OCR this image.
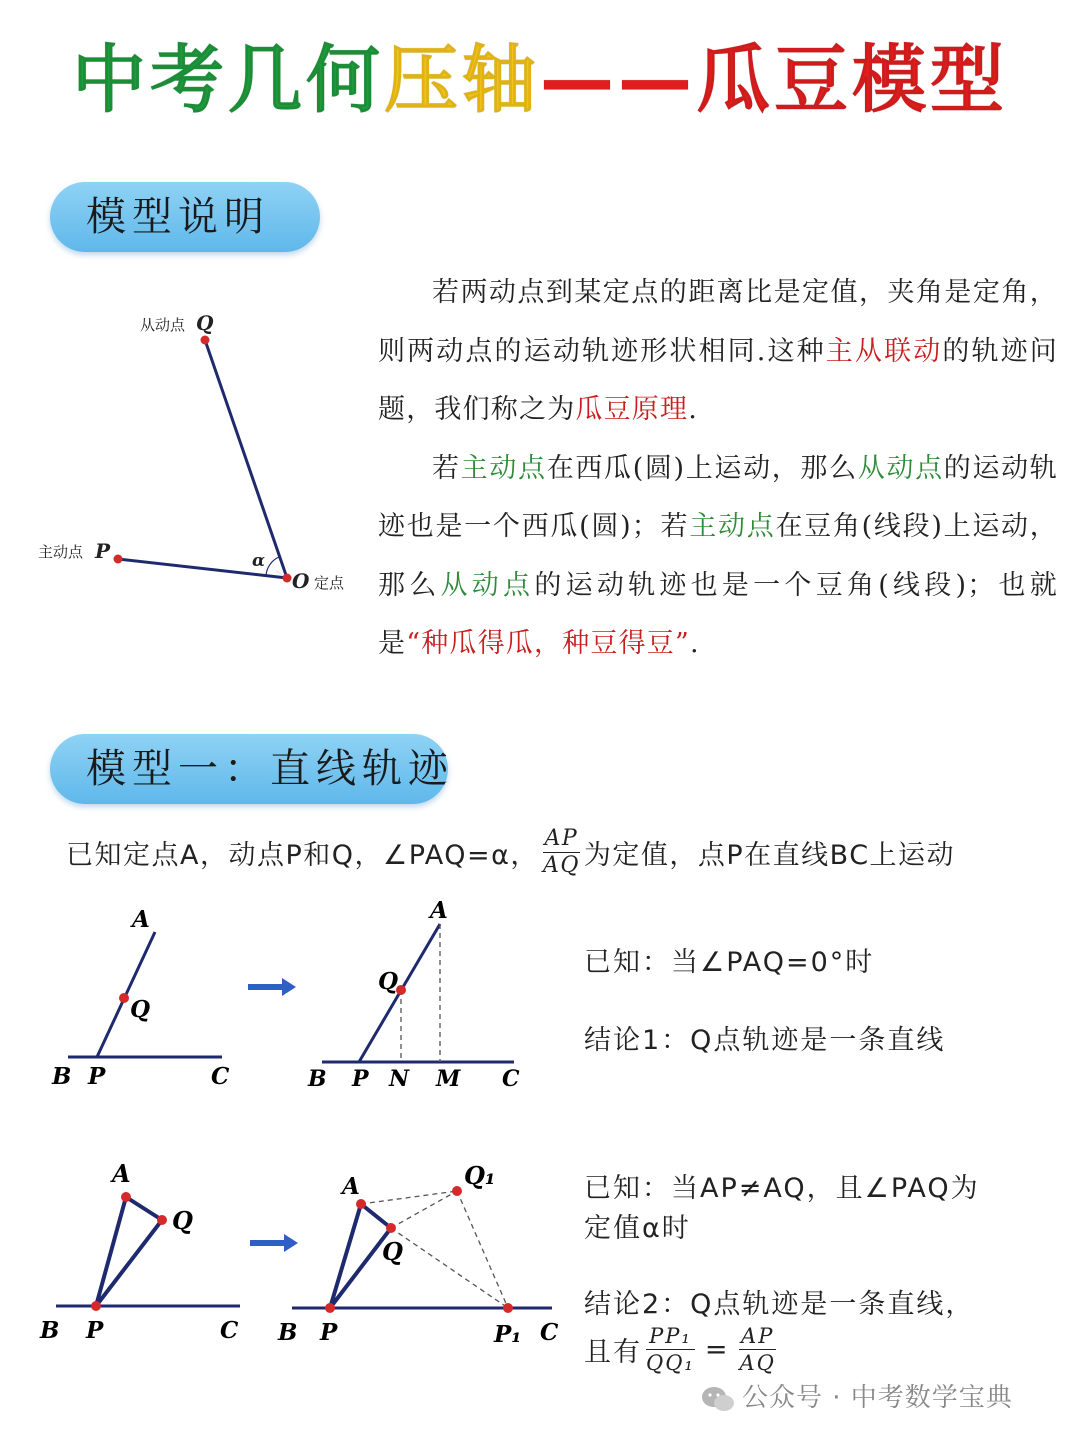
中考几何压轴——瓜豆模型
模型说明
从动点 Q
主动点 P	α
O 定点

若两动点到某定点的距离比是定值，夹角是定角，则两动点的运动轨迹形状相同.这种主从联动的轨迹问题，我们称之为瓜豆原理.

若主动点在西瓜(圆)上运动，那么从动点的运动轨迹也是一个西瓜(圆)；若主动点在豆角(线段)上运动，那么从动点的运动轨迹也是一个豆角(线段)；也就是“种瓜得瓜，种豆得豆”.

模型一：直线轨迹
已知定点A，动点P和Q，∠PAQ=α， $\frac{AP}{AQ}$ 为定值，点P在直线BC上运动
A
Q
B P	C
A
Q
B P N M C
已知：当∠PAQ=0°时
结论1：Q点轨迹是一条直线
A
Q
B P	C
A	Q₁
Q
B P	P₁ C
已知：当AP≠AQ，且∠PAQ为
定值α时
结论2：Q点轨迹是一条直线，
且有 $\frac{\text{PP₁}}{\text{QQ₁}} = \frac{AP}{AQ}$
公众号 · 中考数学宝典
